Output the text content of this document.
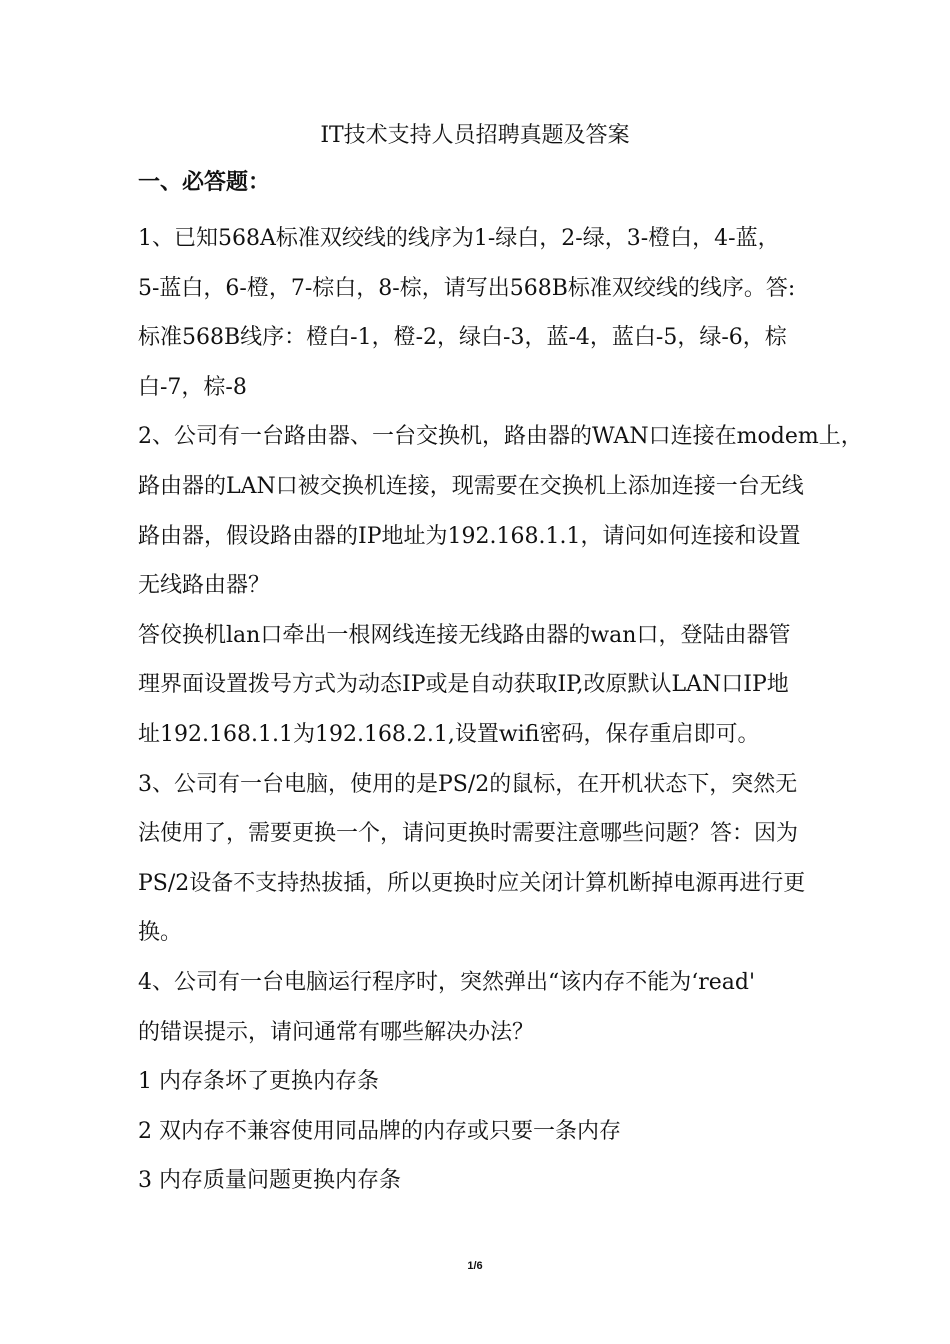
IT技术支持人员招聘真题及答案
一、必答题：
1、已知568A标准双绞线的线序为1-绿白，2-绿，3-橙白，4-蓝，
5-蓝白，6-橙，7-棕白，8-棕，请写出568B标准双绞线的线序。答:
标准568B线序：橙白-1，橙-2，绿白-3，蓝-4，蓝白-5，绿-6，棕
白-7，棕-8
2、公司有一台路由器、一台交换机，路由器的WAN口连接在modem上，
路由器的LAN口被交换机连接，现需要在交换机上添加连接一台无线
路由器，假设路由器的IP地址为192.168.1.1，请问如何连接和设置
无线路由器？
答佼换机lan口牵出一根网线连接无线路由器的wan口，登陆由器管
理界面设置拨号方式为动态IP或是自动获取IP,改原默认LAN口IP地
址192.168.1.1为192.168.2.1,设置wifi密码，保存重启即可。
3、公司有一台电脑，使用的是PS/2的鼠标，在开机状态下，突然无
法使用了，需要更换一个，请问更换时需要注意哪些问题？答：因为
PS/2设备不支持热拔插，所以更换时应关闭计算机断掉电源再进行更
换。
4、公司有一台电脑运行程序时，突然弹出“该内存不能为‘read'
的错误提示，请问通常有哪些解决办法？
1 内存条坏了更换内存条
2 双内存不兼容使用同品牌的内存或只要一条内存
3 内存质量问题更换内存条
1/6
